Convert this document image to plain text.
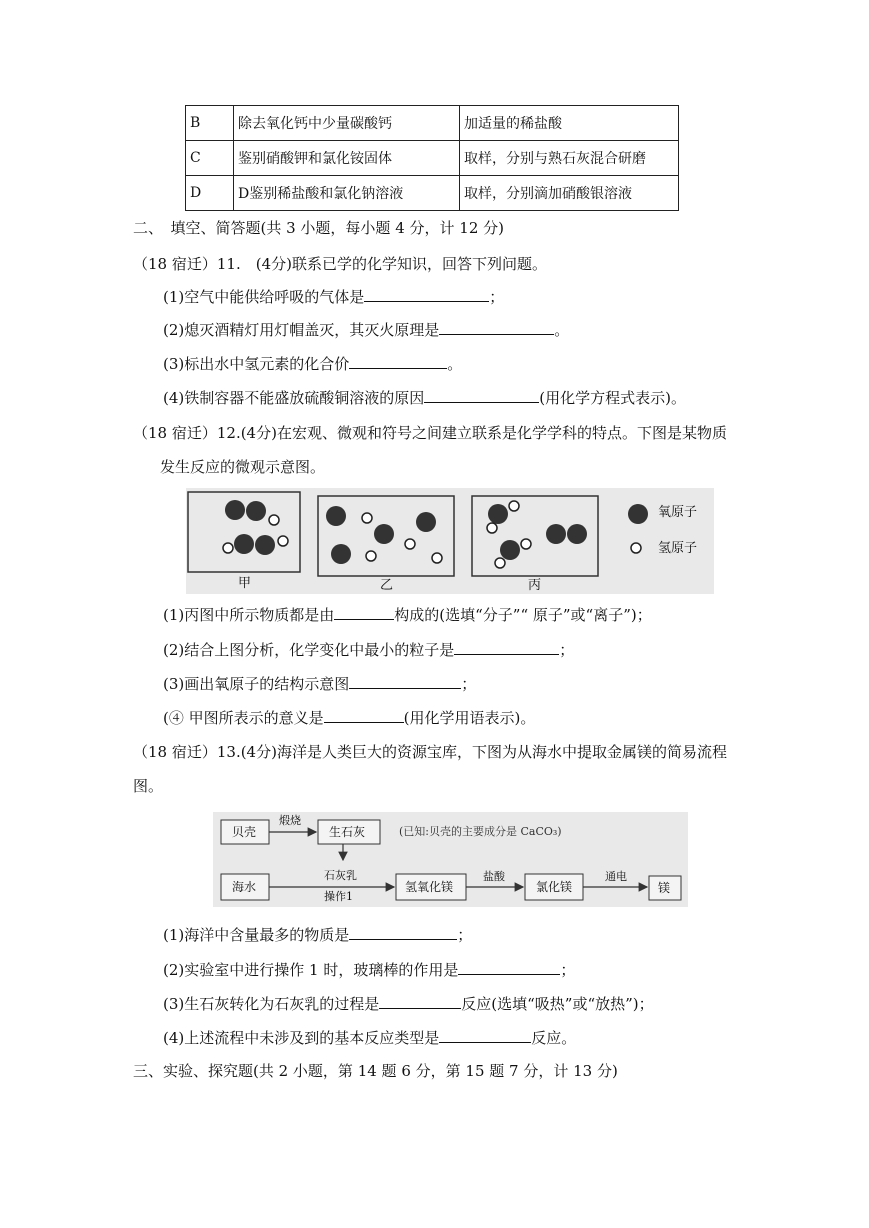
B	除去氧化钙中少量碳酸钙	加适量的稀盐酸
C	鉴别硝酸钾和氯化铵固体	取样，分别与熟石灰混合研磨
D	D鉴别稀盐酸和氯化钠溶液	取样，分别滴加硝酸银溶液
二、　填空、简答题(共 3 小题，每小题 4 分，计 12 分)
（18 宿迁）11.　(4分)联系已学的化学知识，回答下列问题。
(1)空气中能供给呼吸的气体是	；
(2)熄灭酒精灯用灯帽盖灭，其灭火原理是	。
(3)标出水中氢元素的化合价	。
(4)铁制容器不能盛放硫酸铜溶液的原因	(用化学方程式表示)。
（18 宿迁）12.(4分)在宏观、微观和符号之间建立联系是化学学科的特点。下图是某物质
发生反应的微观示意图。
甲	乙	丙
氧原子
氢原子
(1)丙图中所示物质都是由	构成的(选填“分子”“ 原子”或“离子”)；
(2)结合上图分析，化学变化中最小的粒子是	；
(3)画出氧原子的结构示意图	；
(④ 甲图所表示的意义是	(用化学用语表示)。
（18 宿迁）13.(4分)海洋是人类巨大的资源宝库，下图为从海水中提取金属镁的简易流程
图。
贝壳
煅烧
生石灰	(已知:贝壳的主要成分是 CaCO₃)
海水
石灰乳
操作1
氢氧化镁
盐酸
氯化镁
通电
镁
(1)海洋中含量最多的物质是	；
(2)实验室中进行操作 1 时，玻璃棒的作用是	；
(3)生石灰转化为石灰乳的过程是	反应(选填“吸热”或“放热”)；
(4)上述流程中未涉及到的基本反应类型是	反应。
三、实验、探究题(共 2 小题，第 14 题 6 分，第 15 题 7 分，计 13 分)
